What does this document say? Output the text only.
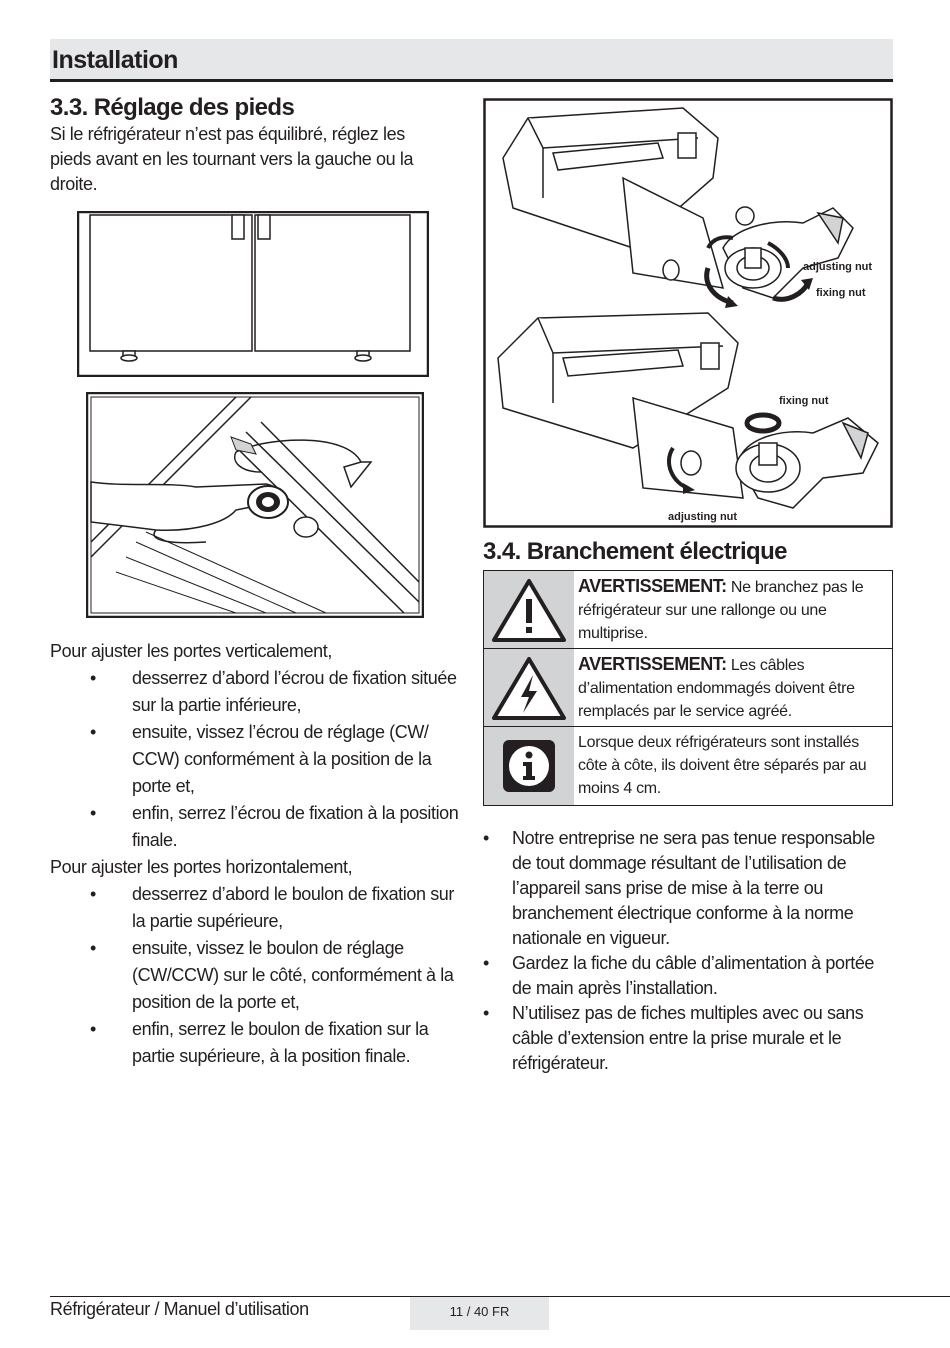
Installation
3.3. Réglage des pieds

Si le réfrigérateur n’est pas équilibré, réglez les pieds avant en les tournant vers la gauche ou la droite.

Pour ajuster les portes verticalement,

• desserrez d’abord l’écrou de fixation située sur la partie inférieure,
• ensuite, vissez l’écrou de réglage (CW/ CCW) conformément à la position de la porte et,
• enfin, serrez l’écrou de fixation à la position finale.

Pour ajuster les portes horizontalement,

• desserrez d’abord le boulon de fixation sur la partie supérieure,
• ensuite, vissez le boulon de réglage (CW/CCW) sur le côté, conformément à la position de la porte et,
• enfin, serrez le boulon de fixation sur la partie supérieure, à la position finale.
adjusting nut
fixing nut
fixing nut
adjusting nut
3.4. Branchement électrique
AVERTISSEMENT: Ne branchez pas le réfrigérateur sur une rallonge ou une multiprise.
AVERTISSEMENT: Les câbles d’alimentation endommagés doivent être remplacés par le service agréé.
Lorsque deux réfrigérateurs sont installés côte à côte, ils doivent être séparés par au moins 4 cm.
• Notre entreprise ne sera pas tenue responsable de tout dommage résultant de l’utilisation de l’appareil sans prise de mise à la terre ou branchement électrique conforme à la norme nationale en vigueur.
• Gardez la fiche du câble d’alimentation à portée de main après l’installation.
• N’utilisez pas de fiches multiples avec ou sans câble d’extension entre la prise murale et le réfrigérateur.
Réfrigérateur / Manuel d’utilisation	11 / 40 FR
